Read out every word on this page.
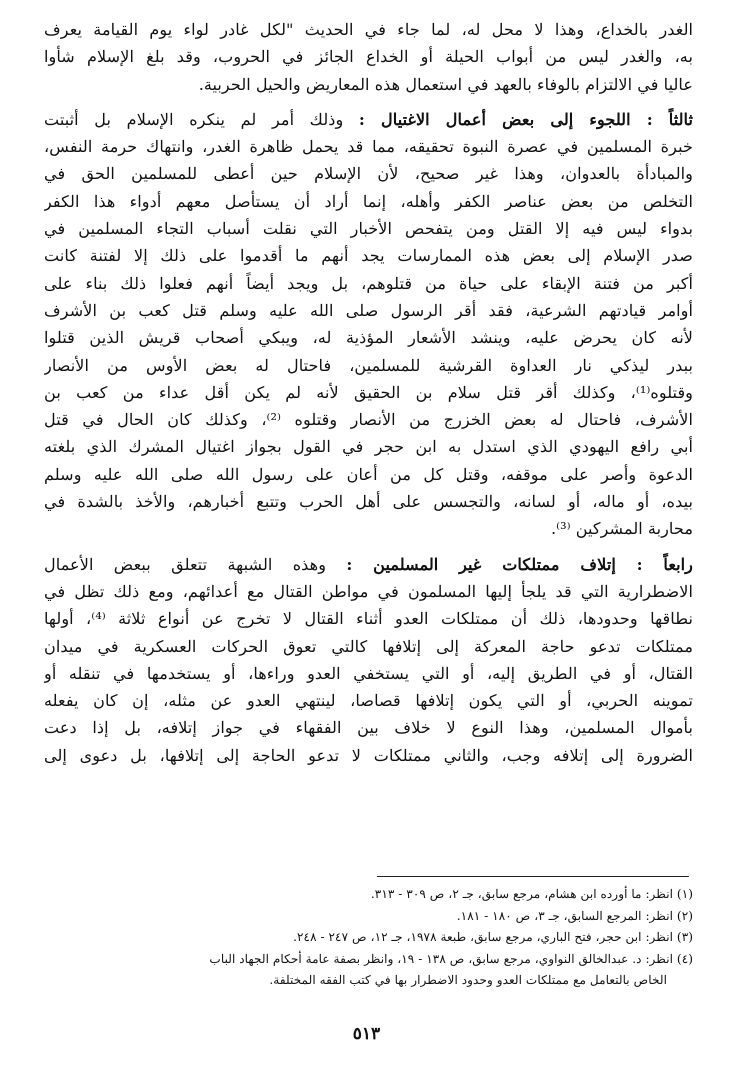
الغدر بالخداع، وهذا لا محل له، لما جاء في الحديث "لكل غادر لواء يوم القيامة يعرف
به، والغدر ليس من أبواب الحيلة أو الخداع الجائز في الحروب، وقد بلغ الإسلام شأوا
عاليا في الالتزام بالوفاء بالعهد في استعمال هذه المعاريض والحيل الحربية.
ثالثاً : اللجوء إلى بعض أعمال الاغتيال : وذلك أمر لم ينكره الإسلام بل أثبتت
خبرة المسلمين في عصرة النبوة تحقيقه، مما قد يحمل ظاهرة الغدر، وانتهاك حرمة النفس،
والمبادأة بالعدوان، وهذا غير صحيح، لأن الإسلام حين أعطى للمسلمين الحق في
التخلص من بعض عناصر الكفر وأهله، إنما أراد أن يستأصل معهم أدواء هذا الكفر
بدواء ليس فيه إلا القتل ومن يتفحص الأخبار التي نقلت أسباب التجاء المسلمين في
صدر الإسلام إلى بعض هذه الممارسات يجد أنهم ما أقدموا على ذلك إلا لفتنة كانت
أكبر من فتنة الإبقاء على حياة من قتلوهم، بل ويجد أيضاً أنهم فعلوا ذلك بناء على
أوامر قيادتهم الشرعية، فقد أقر الرسول صلى الله عليه وسلم قتل كعب بن الأشرف
لأنه كان يحرض عليه، وينشد الأشعار المؤذية له، ويبكي أصحاب قريش الذين قتلوا
ببدر ليذكي نار العداوة القرشية للمسلمين، فاحتال له بعض الأوس من الأنصار
وقتلوه⁽¹⁾، وكذلك أقر قتل سلام بن الحقيق لأنه لم يكن أقل عداء من كعب بن
الأشرف، فاحتال له بعض الخزرج من الأنصار وقتلوه ⁽²⁾، وكذلك كان الحال في قتل
أبي رافع اليهودي الذي استدل به ابن حجر في القول بجواز اغتيال المشرك الذي بلغته
الدعوة وأصر على موقفه، وقتل كل من أعان على رسول الله صلى الله عليه وسلم
بيده، أو ماله، أو لسانه، والتجسس على أهل الحرب وتتبع أخبارهم، والأخذ بالشدة في
محاربة المشركين ⁽³⁾.
رابعاً : إتلاف ممتلكات غير المسلمين : وهذه الشبهة تتعلق ببعض الأعمال
الاضطرارية التي قد يلجأ إليها المسلمون في مواطن القتال مع أعدائهم، ومع ذلك تظل في
نطاقها وحدودها، ذلك أن ممتلكات العدو أثناء القتال لا تخرج عن أنواع ثلاثة ⁽⁴⁾، أولها
ممتلكات تدعو حاجة المعركة إلى إتلافها كالتي تعوق الحركات العسكرية في ميدان
القتال، أو في الطريق إليه، أو التي يستخفي العدو وراءها، أو يستخدمها في تنقله أو
تموينه الحربي، أو التي يكون إتلافها قصاصا، لينتهي العدو عن مثله، إن كان يفعله
بأموال المسلمين، وهذا النوع لا خلاف بين الفقهاء في جواز إتلافه، بل إذا دعت
الضرورة إلى إتلافه وجب، والثاني ممتلكات لا تدعو الحاجة إلى إتلافها، بل دعوى إلى
(١) انظر: ما أورده ابن هشام، مرجع سابق، جـ ٢، ص ٣٠٩ - ٣١٣.
(٢) انظر: المرجع السابق، جـ ٣، ص ١٨٠ - ١٨١.
(٣) انظر: ابن حجر، فتح الباري، مرجع سابق، طبعة ١٩٧٨، جـ ١٢، ص ٢٤٧ - ٢٤٨.
(٤) انظر: د. عبدالخالق النواوي، مرجع سابق، ص ١٣٨ - ١٩، وانظر بصفة عامة أحكام الجهاد الباب
الخاص بالتعامل مع ممتلكات العدو وحدود الاضطرار بها في كتب الفقه المختلفة.
٥١٣
